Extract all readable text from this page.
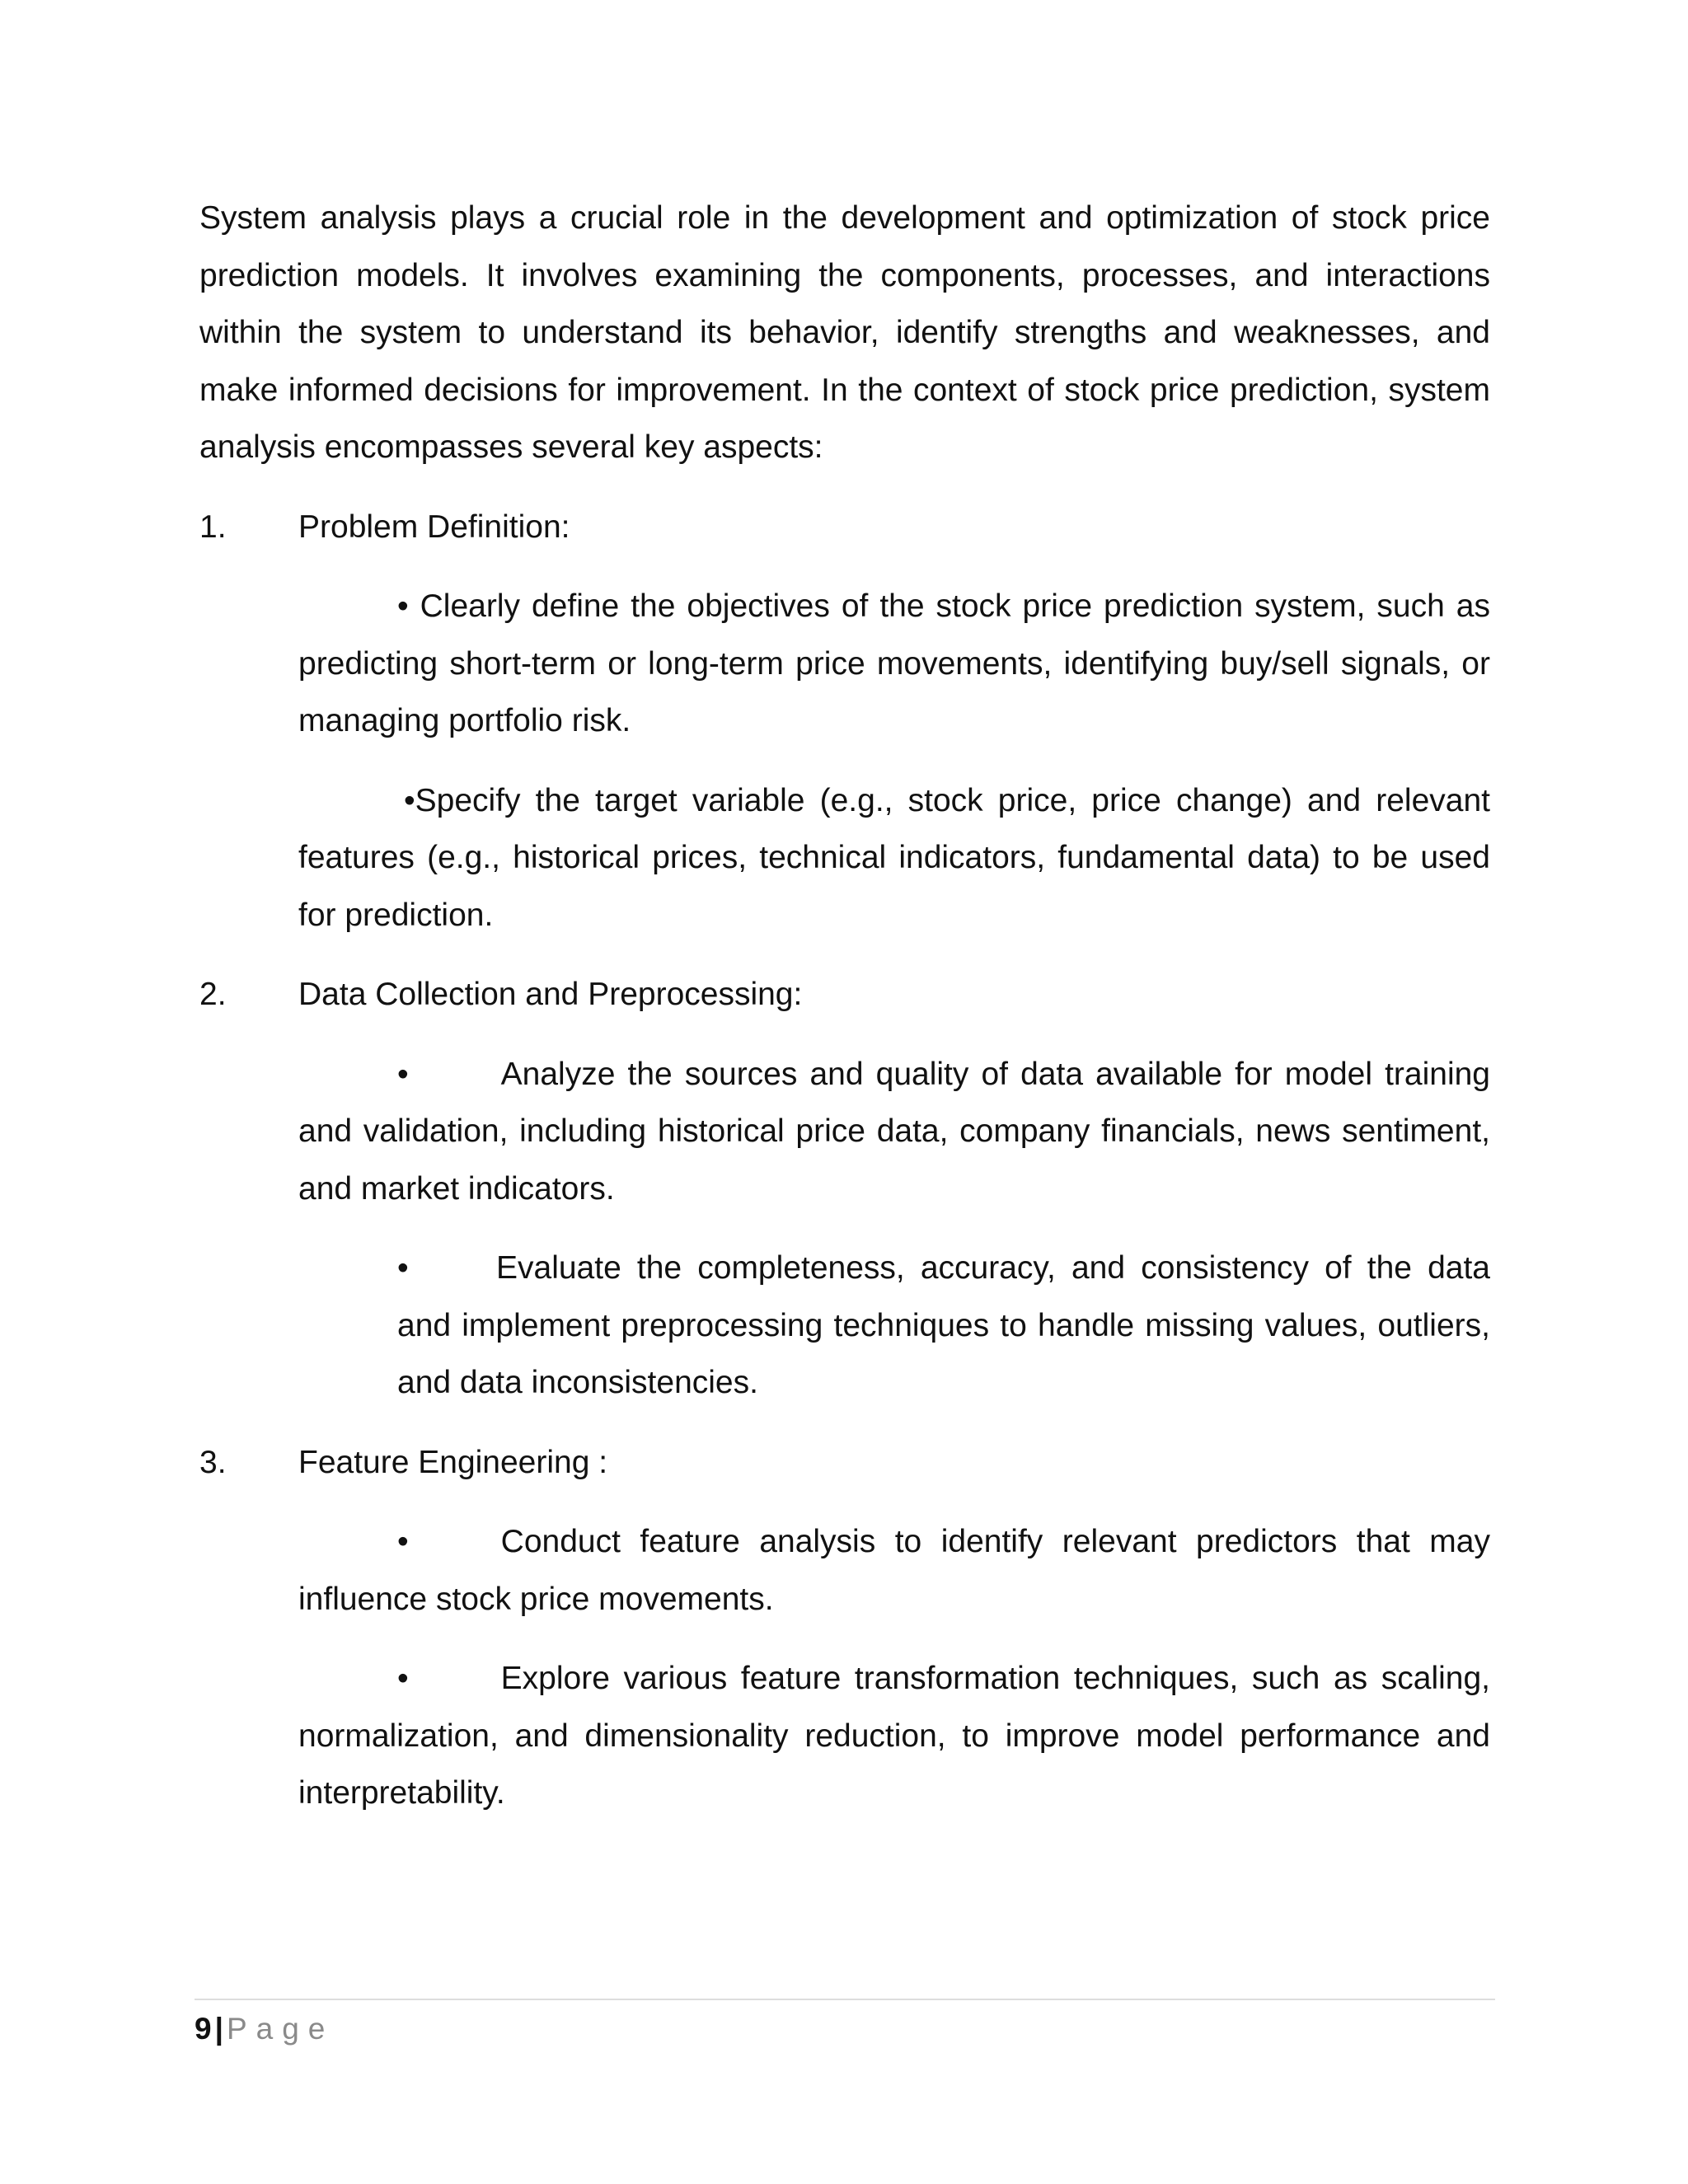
System analysis plays a crucial role in the development and optimization of stock price prediction models. It involves examining the components, processes, and interactions within the system to understand its behavior, identify strengths and weaknesses, and make informed decisions for improvement. In the context of stock price prediction, system analysis encompasses several key aspects:

1. Problem Definition:

• Clearly define the objectives of the stock price prediction system, such as predicting short-term or long-term price movements, identifying buy/sell signals, or managing portfolio risk.

•Specify the target variable (e.g., stock price, price change) and relevant features (e.g., historical prices, technical indicators, fundamental data) to be used for prediction.

2. Data Collection and Preprocessing:

•	Analyze the sources and quality of data available for model training and validation, including historical price data, company financials, news sentiment, and market indicators.

•	Evaluate the completeness, accuracy, and consistency of the data and implement preprocessing techniques to handle missing values, outliers, and data inconsistencies.

3. Feature Engineering :

•	Conduct feature analysis to identify relevant predictors that may influence stock price movements.

•	Explore various feature transformation techniques, such as scaling, normalization, and dimensionality reduction, to improve model performance and interpretability.

9 | Page
